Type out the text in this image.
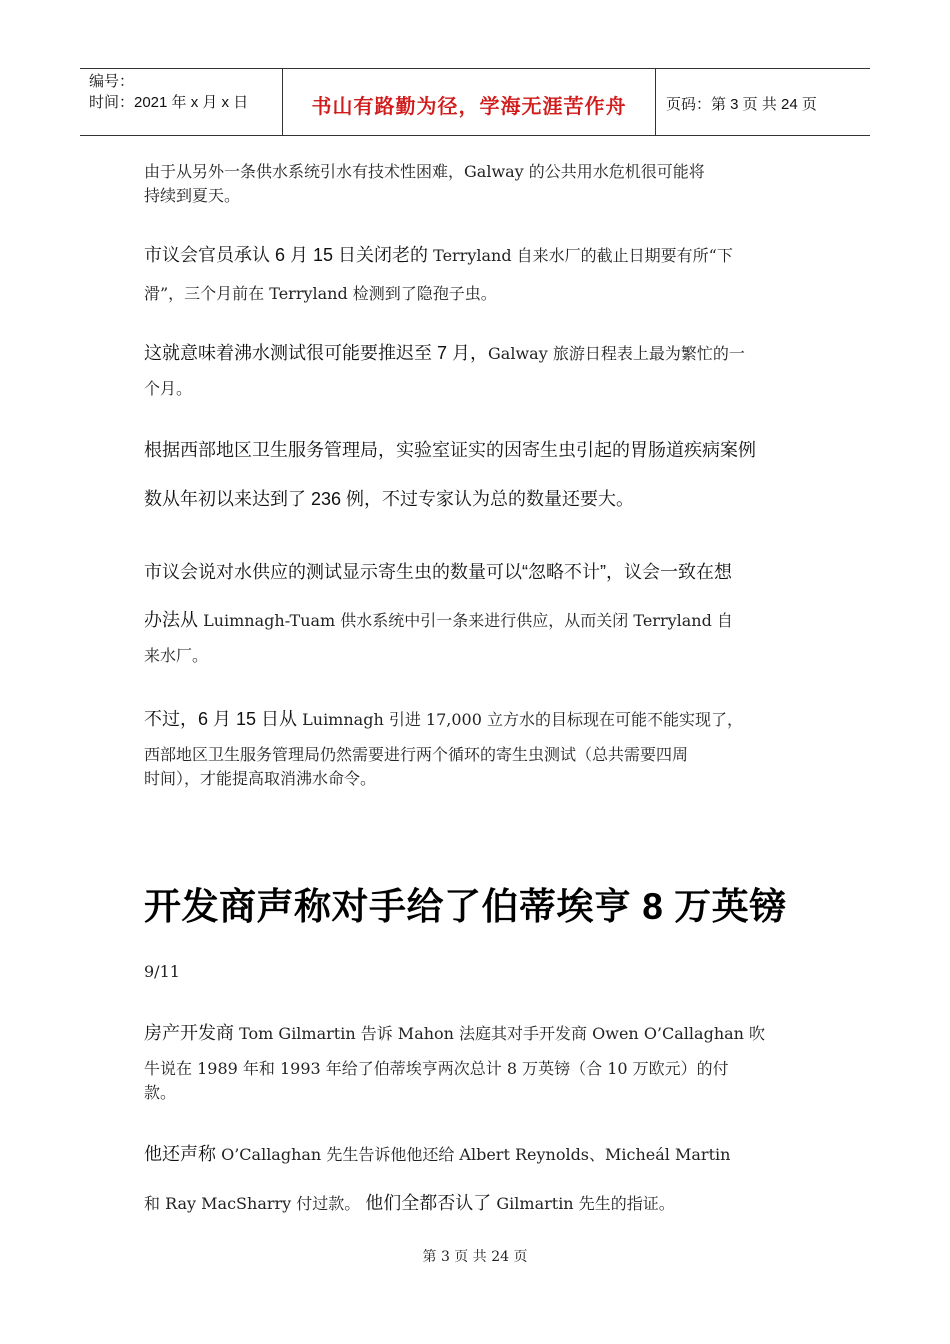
编号：
时间：2021 年 x 月 x 日	书山有路勤为径，学海无涯苦作舟	页码：第 3 页 共 24 页
由于从另外一条供水系统引水有技术性困难，Galway 的公共用水危机很可能将
持续到夏天。
市议会官员承认 6 月 15 日关闭老的 Terryland 自来水厂的截止日期要有所“下
滑”，三个月前在 Terryland 检测到了隐孢子虫。
这就意味着沸水测试很可能要推迟至 7 月，Galway 旅游日程表上最为繁忙的一
个月。
根据西部地区卫生服务管理局，实验室证实的因寄生虫引起的胃肠道疾病案例
数从年初以来达到了 236 例，不过专家认为总的数量还要大。
市议会说对水供应的测试显示寄生虫的数量可以“忽略不计”，议会一致在想
办法从 Luimnagh-Tuam 供水系统中引一条来进行供应，从而关闭 Terryland 自
来水厂。
不过，6 月 15 日从 Luimnagh 引进 17,000 立方水的目标现在可能不能实现了，
西部地区卫生服务管理局仍然需要进行两个循环的寄生虫测试（总共需要四周
时间），才能提高取消沸水命令。
开发商声称对手给了伯蒂埃亨 8 万英镑
9/11
房产开发商 Tom Gilmartin 告诉 Mahon 法庭其对手开发商 Owen O’Callaghan 吹
牛说在 1989 年和 1993 年给了伯蒂埃亨两次总计 8 万英镑（合 10 万欧元）的付
款。
他还声称 O’Callaghan 先生告诉他他还给 Albert Reynolds、Micheál Martin
和 Ray MacSharry 付过款。 他们全都否认了 Gilmartin 先生的指证。
第 3 页 共 24 页
